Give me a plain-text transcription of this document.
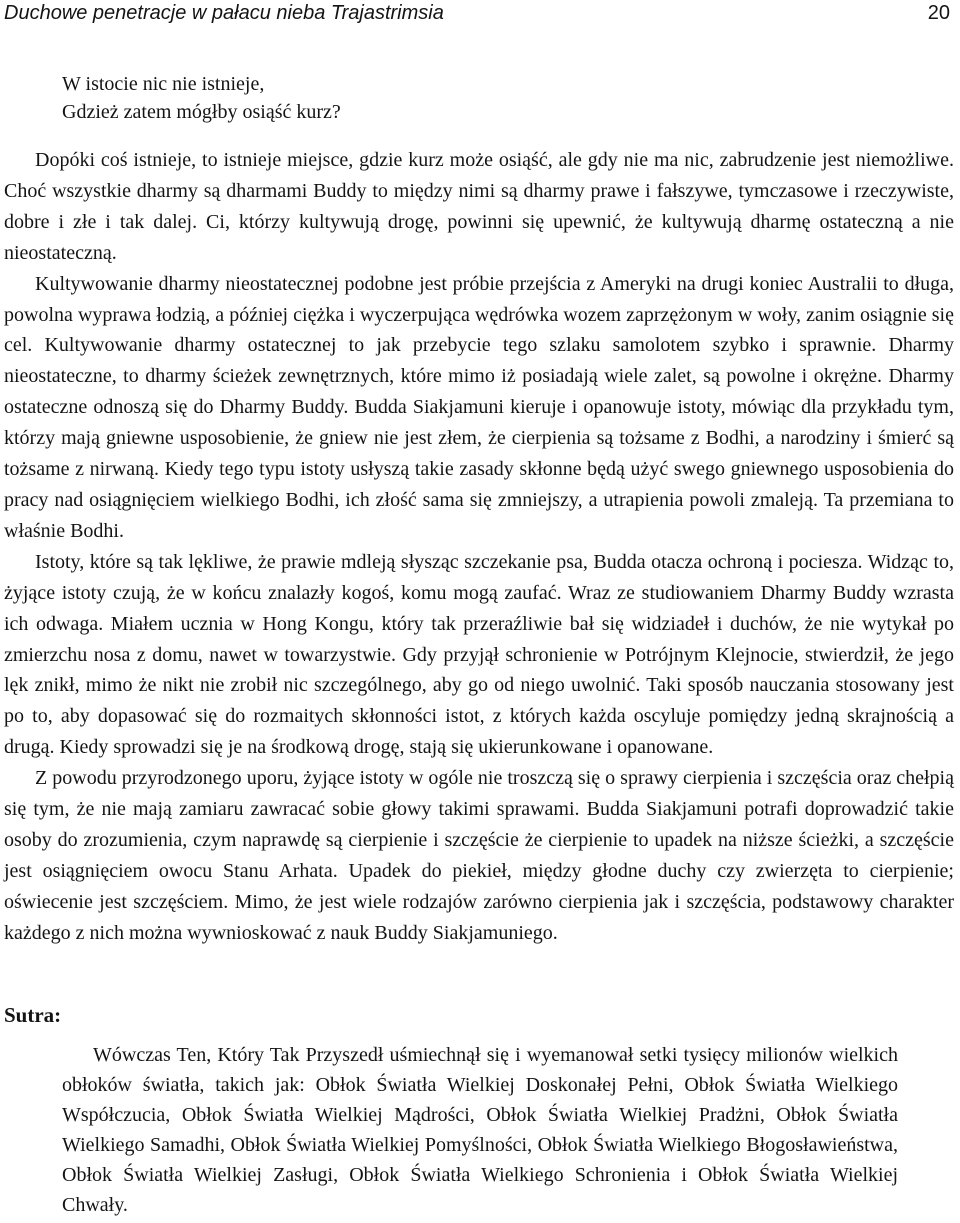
Duchowe penetracje w pałacu nieba Trajastrimsia	20
W istocie nic nie istnieje,
Gdzież zatem mógłby osiąść kurz?

Dopóki coś istnieje, to istnieje miejsce, gdzie kurz może osiąść, ale gdy nie ma nic, zabrudzenie jest niemożliwe. Choć wszystkie dharmy są dharmami Buddy to między nimi są dharmy prawe i fałszywe, tymczasowe i rzeczywiste, dobre i złe i tak dalej. Ci, którzy kultywują drogę, powinni się upewnić, że kultywują dharmę ostateczną a nie nieostateczną.

Kultywowanie dharmy nieostatecznej podobne jest próbie przejścia z Ameryki na drugi koniec Australii to długa, powolna wyprawa łodzią, a później ciężka i wyczerpująca wędrówka wozem zaprzężonym w woły, zanim osiągnie się cel. Kultywowanie dharmy ostatecznej to jak przebycie tego szlaku samolotem szybko i sprawnie. Dharmy nieostateczne, to dharmy ścieżek zewnętrznych, które mimo iż posiadają wiele zalet, są powolne i okrężne. Dharmy ostateczne odnoszą się do Dharmy Buddy. Budda Siakjamuni kieruje i opanowuje istoty, mówiąc dla przykładu tym, którzy mają gniewne usposobienie, że gniew nie jest złem, że cierpienia są tożsame z Bodhi, a narodziny i śmierć są tożsame z nirwaną. Kiedy tego typu istoty usłyszą takie zasady skłonne będą użyć swego gniewnego usposobienia do pracy nad osiągnięciem wielkiego Bodhi, ich złość sama się zmniejszy, a utrapienia powoli zmaleją. Ta przemiana to właśnie Bodhi.

Istoty, które są tak lękliwe, że prawie mdleją słysząc szczekanie psa, Budda otacza ochroną i pociesza. Widząc to, żyjące istoty czują, że w końcu znalazły kogoś, komu mogą zaufać. Wraz ze studiowaniem Dharmy Buddy wzrasta ich odwaga. Miałem ucznia w Hong Kongu, który tak przeraźliwie bał się widziadeł i duchów, że nie wytykał po zmierzchu nosa z domu, nawet w towarzystwie. Gdy przyjął schronienie w Potrójnym Klejnocie, stwierdził, że jego lęk znikł, mimo że nikt nie zrobił nic szczególnego, aby go od niego uwolnić. Taki sposób nauczania stosowany jest po to, aby dopasować się do rozmaitych skłonności istot, z których każda oscyluje pomiędzy jedną skrajnością a drugą. Kiedy sprowadzi się je na środkową drogę, stają się ukierunkowane i opanowane.

Z powodu przyrodzonego uporu, żyjące istoty w ogóle nie troszczą się o sprawy cierpienia i szczęścia oraz chełpią się tym, że nie mają zamiaru zawracać sobie głowy takimi sprawami. Budda Siakjamuni potrafi doprowadzić takie osoby do zrozumienia, czym naprawdę są cierpienie i szczęście że cierpienie to upadek na niższe ścieżki, a szczęście jest osiągnięciem owocu Stanu Arhata. Upadek do piekieł, między głodne duchy czy zwierzęta to cierpienie; oświecenie jest szczęściem. Mimo, że jest wiele rodzajów zarówno cierpienia jak i szczęścia, podstawowy charakter każdego z nich można wywnioskować z nauk Buddy Siakjamuniego.

Sutra:

Wówczas Ten, Który Tak Przyszedł uśmiechnął się i wyemanował setki tysięcy milionów wielkich obłoków światła, takich jak: Obłok Światła Wielkiej Doskonałej Pełni, Obłok Światła Wielkiego Współczucia, Obłok Światła Wielkiej Mądrości, Obłok Światła Wielkiej Pradżni, Obłok Światła Wielkiego Samadhi, Obłok Światła Wielkiej Pomyślności, Obłok Światła Wielkiego Błogosławieństwa, Obłok Światła Wielkiej Zasługi, Obłok Światła Wielkiego Schronienia i Obłok Światła Wielkiej Chwały.
